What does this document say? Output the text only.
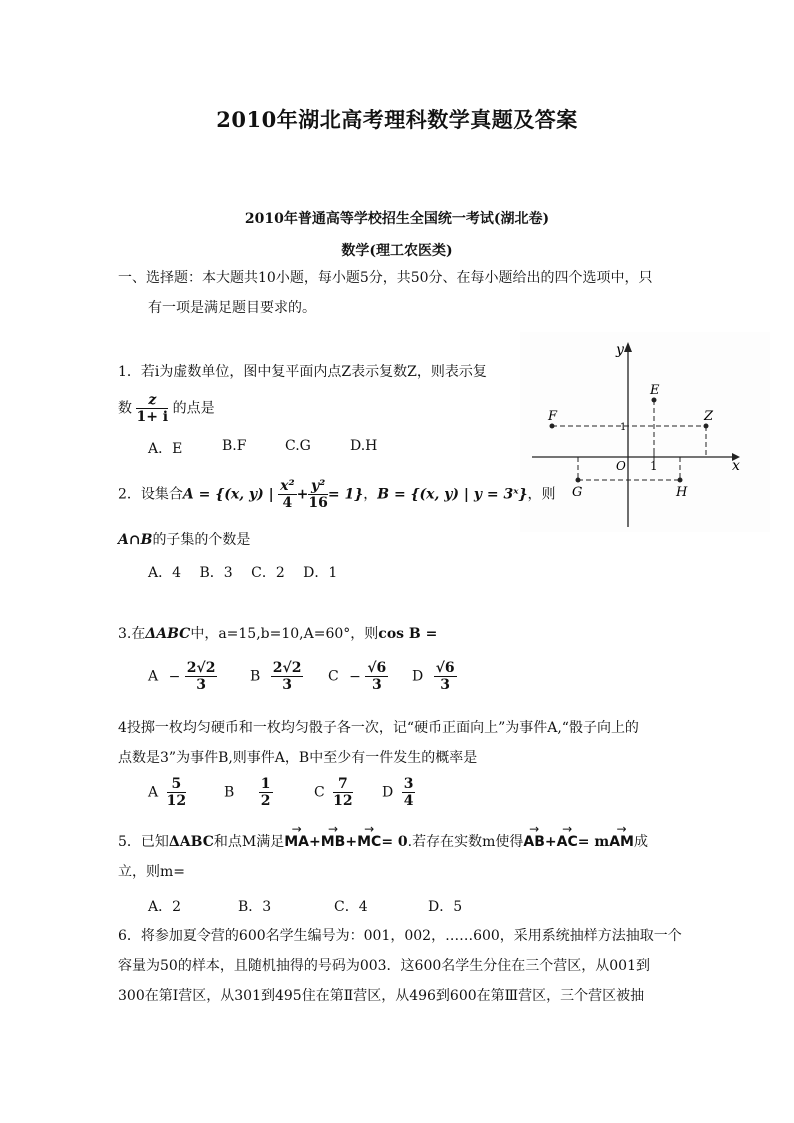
2010年湖北高考理科数学真题及答案
2010年普通高等学校招生全国统一考试(湖北卷)
数学(理工农医类)
一、选择题：本大题共10小题，每小题5分，共50分、在每小题给出的四个选项中，只
有一项是满足题目要求的。
1．若i为虚数单位，图中复平面内点Z表示复数Z，则表示复
数 $\frac{z}{1+ i}$ 的点是
A．E	B.F	C.G	D.H
x
y
O 1
1
E
F
G	H
Z
2．设集合A = {(x, y) | $\frac{\text{x²}}{4} + \frac{\text{y²}}{16} = 1$}，B = {(x, y) | y = 3ˣ}，则
A∩B的子集的个数是
A．4　 B．3　 C．2　 D．1
3.在ΔABC中，a=15,b=10,A=60°，则cos B =
$A - \frac{2√2}{3}$ B $\frac{2√2}{3}$ $C - \frac{√6}{3}$ D $\frac{√6}{3}$
4投掷一枚均匀硬币和一枚均匀骰子各一次，记“硬币正面向上”为事件A,“骰子向上的
点数是3”为事件B,则事件A，B中至少有一件发生的概率是
A $\frac{5}{12}$	B $\frac{1}{2}$	C $\frac{7}{12}$ D $\frac{3}{4}$
5．已知ΔABC和点M满足→ MA+→ MB+→ MC= 0.若存在实数m使得→ AB+→ AC= m→ AM成
立，则m=
A．2	B．3	C．4	D．5
6．将参加夏令营的600名学生编号为：001，002，……600，采用系统抽样方法抽取一个
容量为50的样本，且随机抽得的号码为003．这600名学生分住在三个营区，从001到
300在第Ⅰ营区，从301到495住在第Ⅱ营区，从496到600在第Ⅲ营区，三个营区被抽
